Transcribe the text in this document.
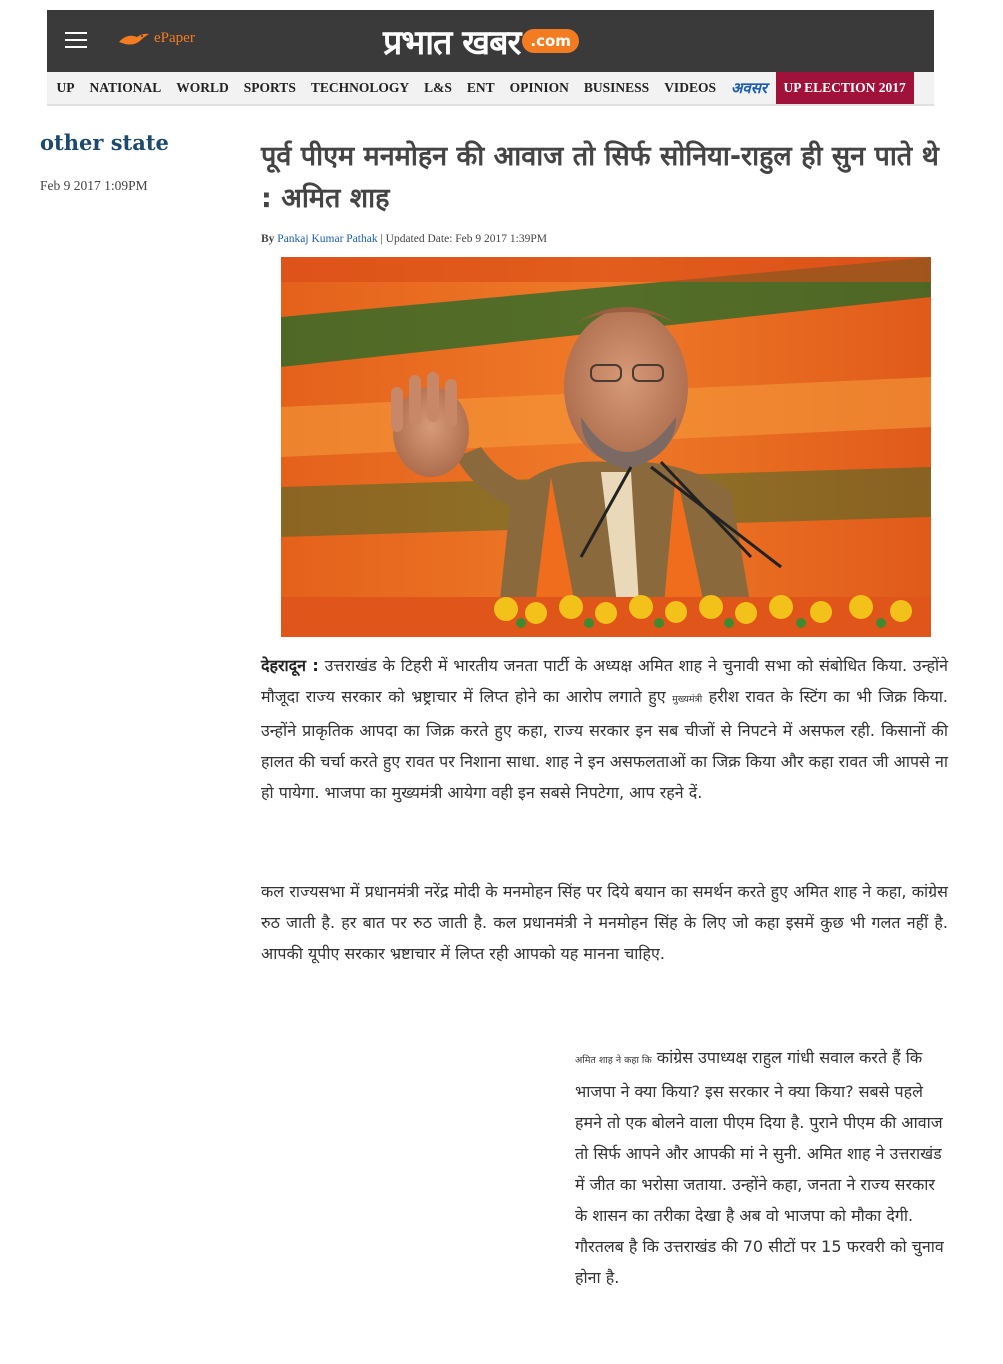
ePaper	प्रभात खबर .com
UP	NATIONAL	WORLD	SPORTS	TECHNOLOGY	L&S	ENT	OPINION	BUSINESS	VIDEOS	अवसर	UP ELECTION 2017
other state
Feb 9 2017 1:09PM
पूर्व पीएम मनमोहन की आवाज तो सिर्फ सोनिया-राहुल ही सुन पाते थे : अमित शाह
By Pankaj Kumar Pathak | Updated Date: Feb 9 2017 1:39PM

देहरादून : उत्तराखंड के टिहरी में भारतीय जनता पार्टी के अध्यक्ष अमित शाह ने चुनावी सभा को संबोधित किया. उन्होंने मौजूदा राज्य सरकार को भ्रष्ट्राचार में लिप्त होने का आरोप लगाते हुए मुख्यमंत्री हरीश रावत के स्टिंग का भी जिक्र किया. उन्होंने प्राकृतिक आपदा का जिक्र करते हुए कहा, राज्य सरकार इन सब चीजों से निपटने में असफल रही. किसानों की हालत की चर्चा करते हुए रावत पर निशाना साधा. शाह ने इन असफलताओं का जिक्र किया और कहा रावत जी आपसे ना हो पायेगा. भाजपा का मुख्यमंत्री आयेगा वही इन सबसे निपटेगा, आप रहने दें.

कल राज्यसभा में प्रधानमंत्री नरेंद्र मोदी के मनमोहन सिंह पर दिये बयान का समर्थन करते हुए अमित शाह ने कहा, कांग्रेस रुठ जाती है. हर बात पर रुठ जाती है. कल प्रधानमंत्री ने मनमोहन सिंह के लिए जो कहा इसमें कुछ भी गलत नहीं है. आपकी यूपीए सरकार भ्रष्टाचार में लिप्त रही आपको यह मानना चाहिए.

अमित शाह ने कहा कि कांग्रेस उपाध्यक्ष राहुल गांधी सवाल करते हैं कि भाजपा ने क्या किया? इस सरकार ने क्या किया? सबसे पहले हमने तो एक बोलने वाला पीएम दिया है. पुराने पीएम की आवाज तो सिर्फ आपने और आपकी मां ने सुनी. अमित शाह ने उत्तराखंड में जीत का भरोसा जताया. उन्होंने कहा, जनता ने राज्य सरकार के शासन का तरीका देखा है अब वो भाजपा को मौका देगी. गौरतलब है कि उत्तराखंड की 70 सीटों पर 15 फरवरी को चुनाव होना है.
